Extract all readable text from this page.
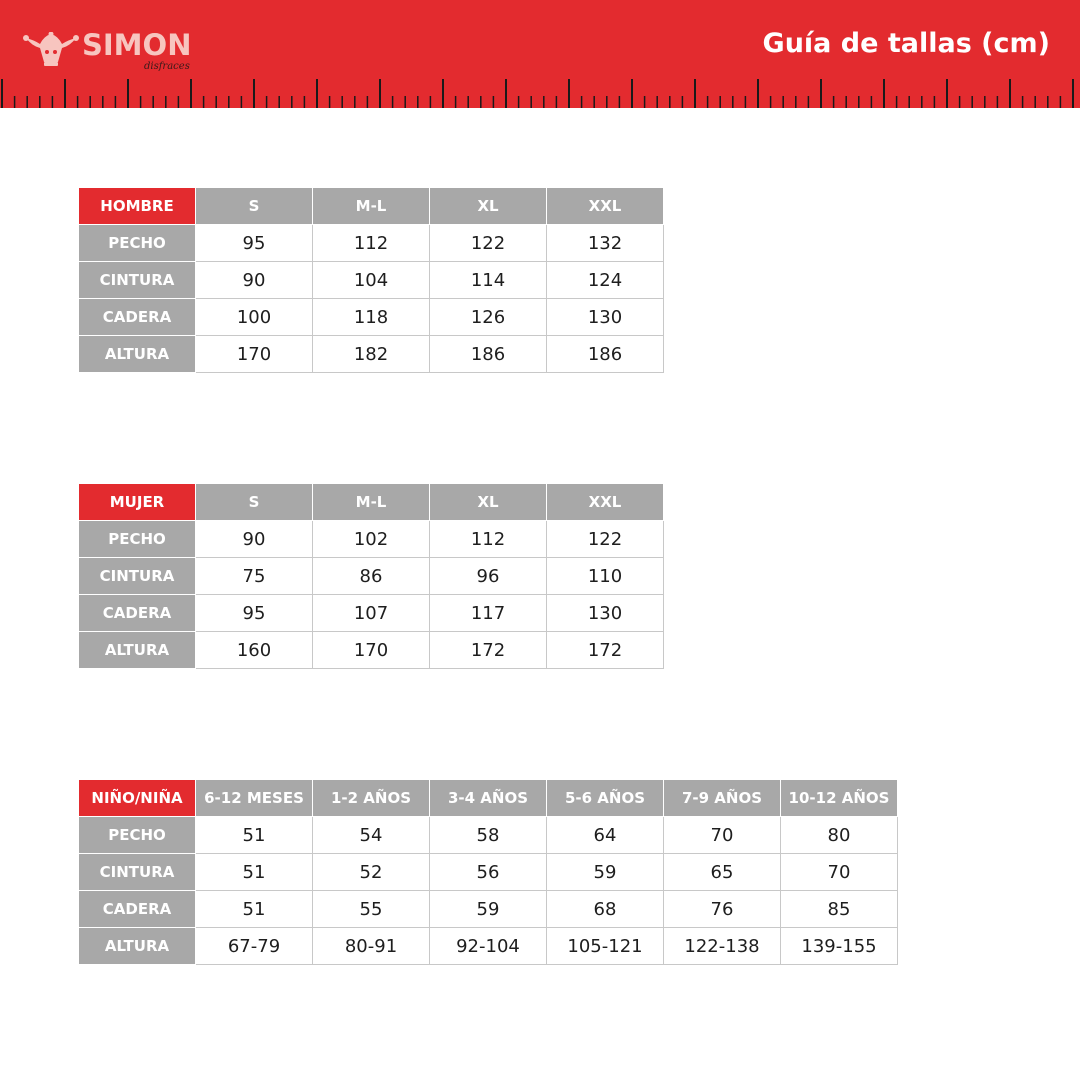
SIMON
disfraces
Guía de tallas (cm)
HOMBRE	S	M-L	XL	XXL
PECHO	95	112	122	132
CINTURA	90	104	114	124
CADERA	100	118	126	130
ALTURA	170	182	186	186
MUJER	S	M-L	XL	XXL
PECHO	90	102	112	122
CINTURA	75	86	96	110
CADERA	95	107	117	130
ALTURA	160	170	172	172
NIÑO/NIÑA	6-12 MESES	1-2 AÑOS	3-4 AÑOS	5-6 AÑOS	7-9 AÑOS	10-12 AÑOS
PECHO	51	54	58	64	70	80
CINTURA	51	52	56	59	65	70
CADERA	51	55	59	68	76	85
ALTURA	67-79	80-91	92-104	105-121	122-138	139-155
